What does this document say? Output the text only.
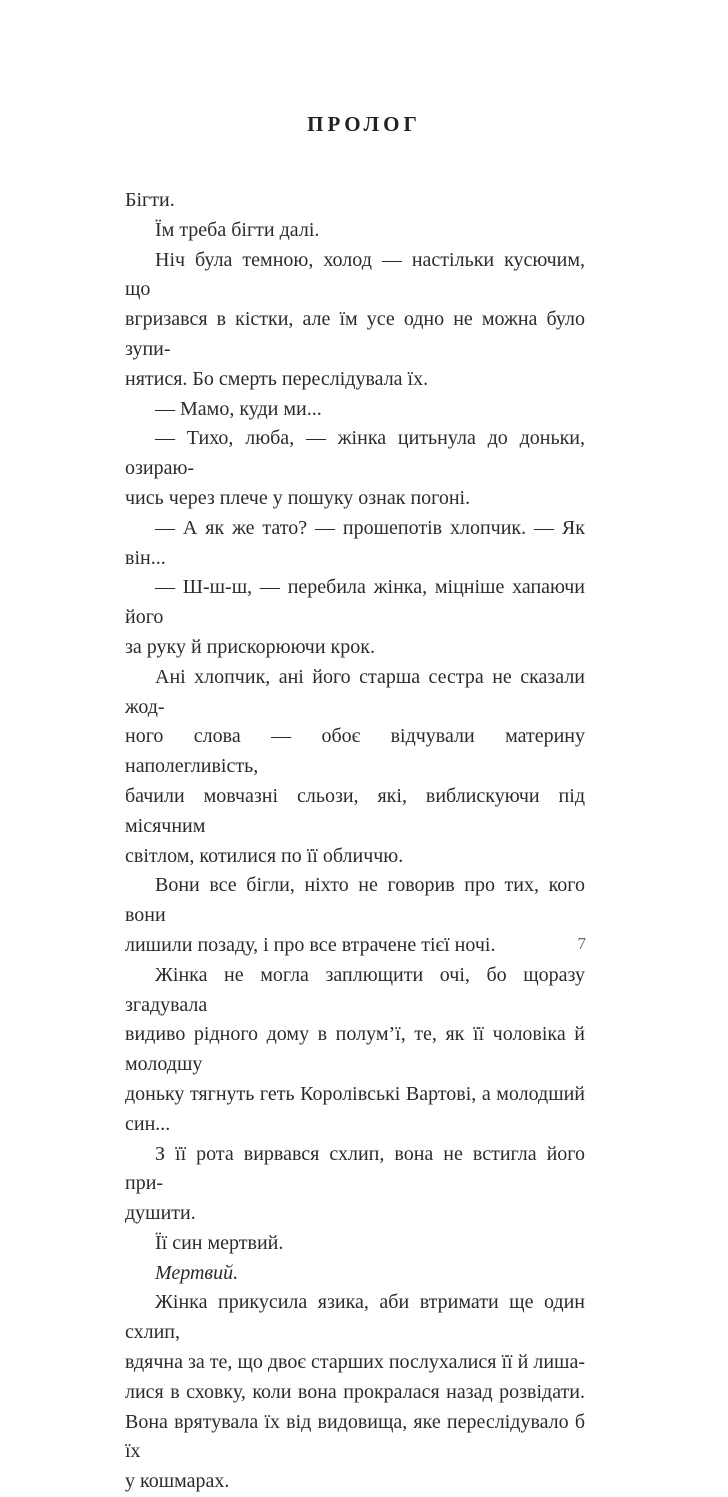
ПРОЛОГ

Бігти.

Їм треба бігти далі.

Ніч була темною, холод — настільки кусючим, що
вгризався в кістки, але їм усе одно не можна було зупи-
нятися. Бо смерть переслідувала їх.

— Мамо, куди ми...

— Тихо, люба, — жінка цитьнула до доньки, озираю-
чись через плече у пошуку ознак погоні.

— А як же тато? — прошепотів хлопчик. — Як він...

— Ш-ш-ш, — перебила жінка, міцніше хапаючи його
за руку й прискорюючи крок.

Ані хлопчик, ані його старша сестра не сказали жод-
ного слова — обоє відчували материну наполегливість,
бачили мовчазні сльози, які, виблискуючи під місячним
світлом, котилися по її обличчю.

Вони все бігли, ніхто не говорив про тих, кого вони
лишили позаду, і про все втрачене тієї ночі.

Жінка не могла заплющити очі, бо щоразу згадувала
видиво рідного дому в полум’ї, те, як її чоловіка й молодшу
доньку тягнуть геть Королівські Вартові, а молодший син...

З її рота вирвався схлип, вона не встигла його при-
душити.

Її син мертвий.

Мертвий.

Жінка прикусила язика, аби втримати ще один схлип,
вдячна за те, що двоє старших послухалися її й лиша-
лися в сховку, коли вона прокралася назад розвідати.
Вона врятувала їх від видовища, яке переслідувало б їх
у кошмарах.

7
